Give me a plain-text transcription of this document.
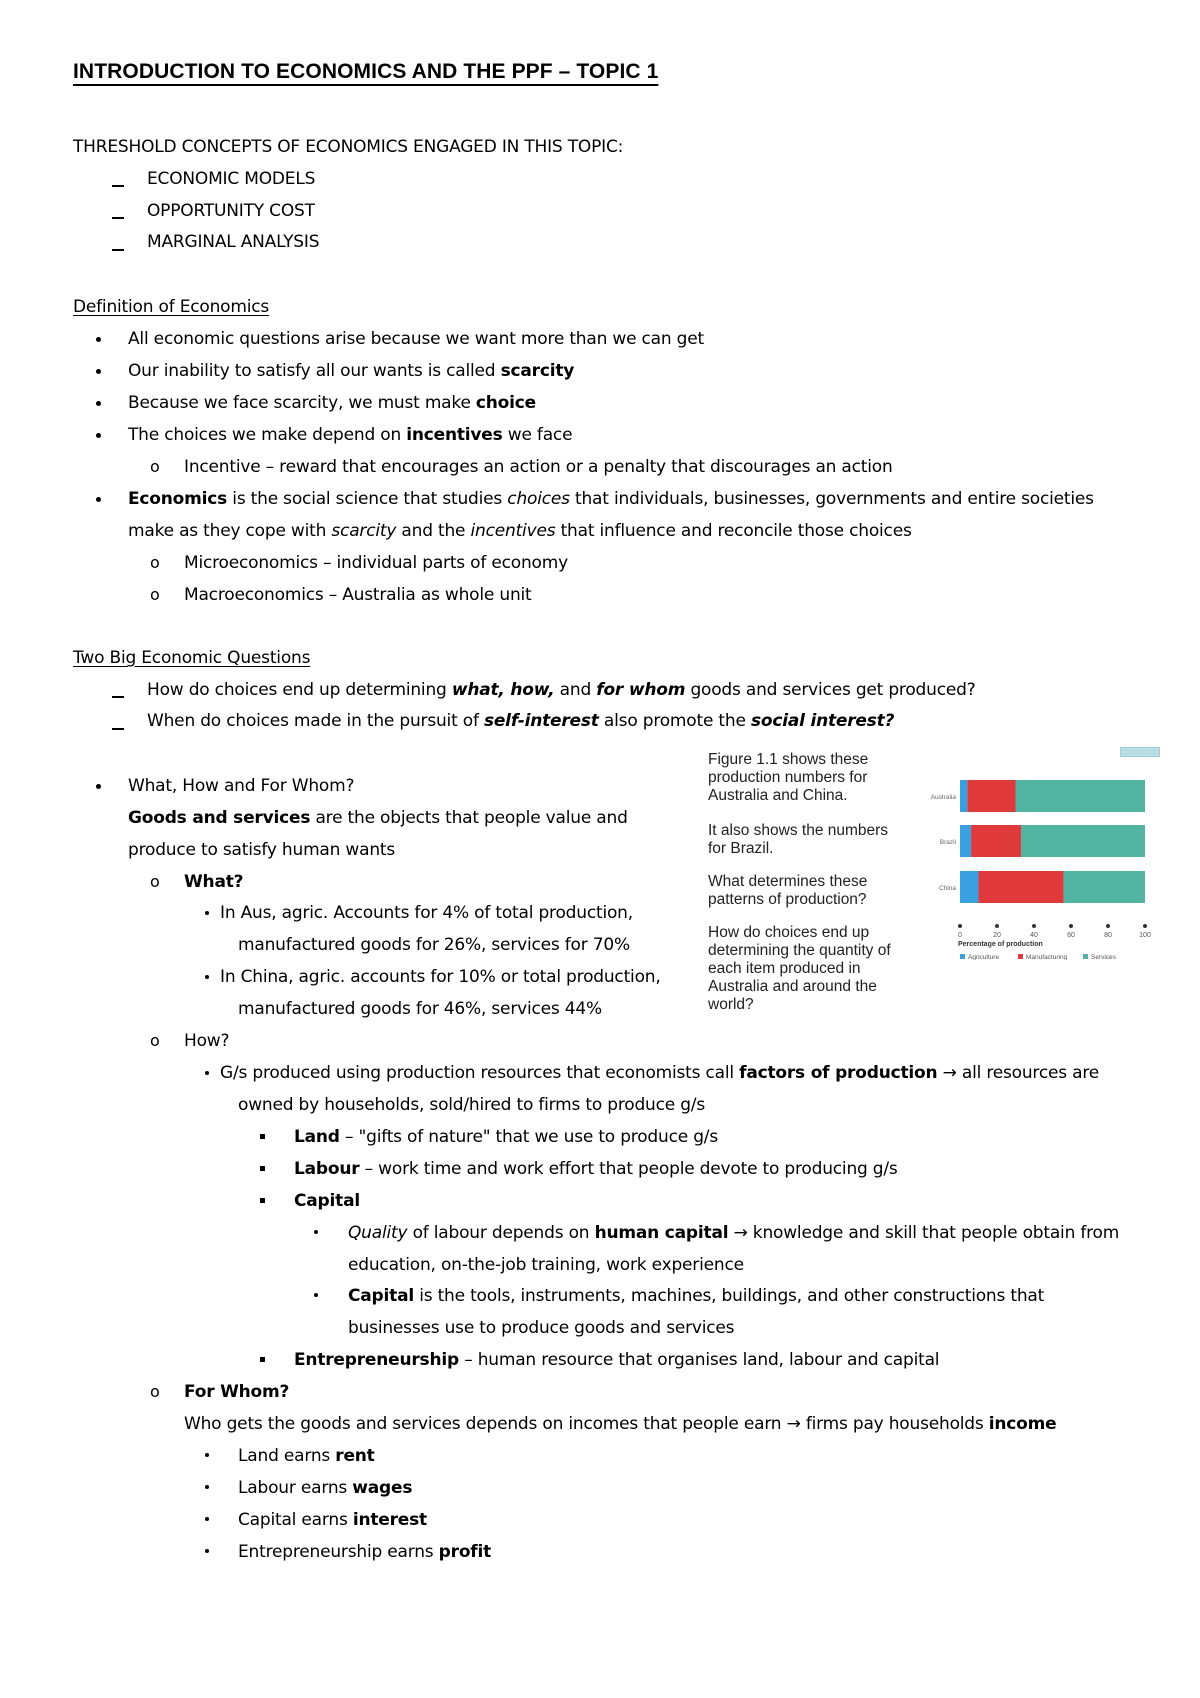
INTRODUCTION TO ECONOMICS AND THE PPF – TOPIC 1
THRESHOLD CONCEPTS OF ECONOMICS ENGAGED IN THIS TOPIC:
ECONOMIC MODELS
OPPORTUNITY COST
MARGINAL ANALYSIS
Definition of Economics
All economic questions arise because we want more than we can get
Our inability to satisfy all our wants is called scarcity
Because we face scarcity, we must make choice
The choices we make depend on incentives we face
o Incentive – reward that encourages an action or a penalty that discourages an action
Economics is the social science that studies choices that individuals, businesses, governments and entire societies
make as they cope with scarcity and the incentives that influence and reconcile those choices
o Microeconomics – individual parts of economy
o Macroeconomics – Australia as whole unit
Two Big Economic Questions
How do choices end up determining what, how, and for whom goods and services get produced?
When do choices made in the pursuit of self-interest also promote the social interest?
What, How and For Whom?
Goods and services are the objects that people value and
produce to satisfy human wants
o What?
In Aus, agric. Accounts for 4% of total production,
manufactured goods for 26%, services for 70%
In China, agric. accounts for 10% or total production,
manufactured goods for 46%, services 44%
o How?
G/s produced using production resources that economists call factors of production → all resources are
owned by households, sold/hired to firms to produce g/s
Land – "gifts of nature" that we use to produce g/s
Labour – work time and work effort that people devote to producing g/s
Capital
Quality of labour depends on human capital → knowledge and skill that people obtain from
education, on-the-job training, work experience
Capital is the tools, instruments, machines, buildings, and other constructions that
businesses use to produce goods and services
Entrepreneurship – human resource that organises land, labour and capital
o For Whom?
Who gets the goods and services depends on incomes that people earn → firms pay households income
Land earns rent
Labour earns wages
Capital earns interest
Entrepreneurship earns profit
Figure 1.1 shows these
production numbers for
Australia and China.
It also shows the numbers
for Brazil.
What determines these
patterns of production?
How do choices end up
determining the quantity of
each item produced in
Australia and around the
world?
Australia
Brazil
China
0	20	40	60	80	100
Percentage of production
Agriculture	Manufacturing	Services
